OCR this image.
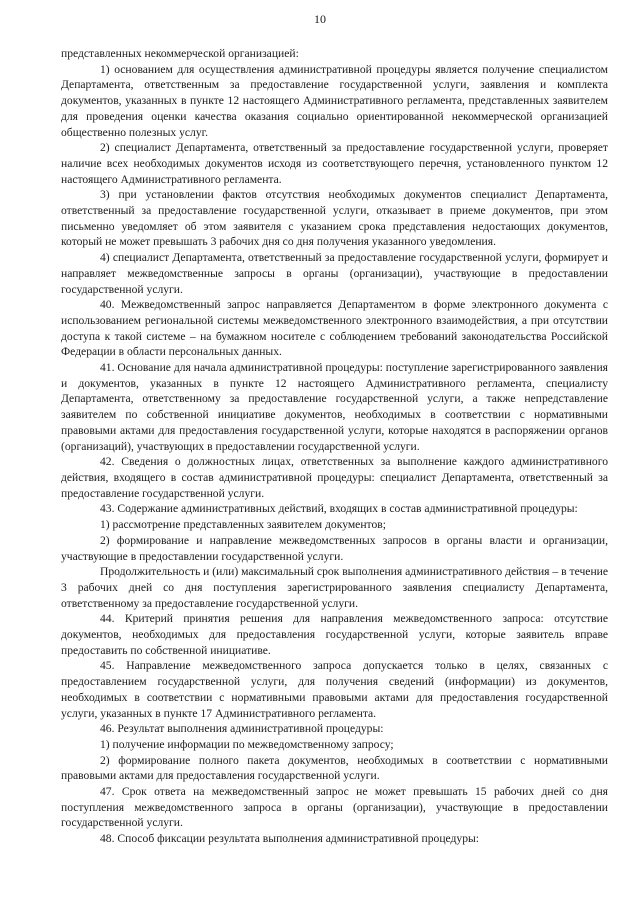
10

представленных некоммерческой организацией:

1) основанием для осуществления административной процедуры является получение специалистом Департамента, ответственным за предоставление государственной услуги, заявления и комплекта документов, указанных в пункте 12 настоящего Административного регламента, представленных заявителем для проведения оценки качества оказания социально ориентированной некоммерческой организацией общественно полезных услуг.

2) специалист Департамента, ответственный за предоставление государственной услуги, проверяет наличие всех необходимых документов исходя из соответствующего перечня, установленного пунктом 12 настоящего Административного регламента.

3) при установлении фактов отсутствия необходимых документов специалист Департамента, ответственный за предоставление государственной услуги, отказывает в приеме документов, при этом письменно уведомляет об этом заявителя с указанием срока представления недостающих документов, который не может превышать 3 рабочих дня со дня получения указанного уведомления.

4) специалист Департамента, ответственный за предоставление государственной услуги, формирует и направляет межведомственные запросы в органы (организации), участвующие в предоставлении государственной услуги.

40. Межведомственный запрос направляется Департаментом в форме электронного документа с использованием региональной системы межведомственного электронного взаимодействия, а при отсутствии доступа к такой системе – на бумажном носителе с соблюдением требований законодательства Российской Федерации в области персональных данных.

41. Основание для начала административной процедуры: поступление зарегистрированного заявления и документов, указанных в пункте 12 настоящего Административного регламента, специалисту Департамента, ответственному за предоставление государственной услуги, а также непредставление заявителем по собственной инициативе документов, необходимых в соответствии с нормативными правовыми актами для предоставления государственной услуги, которые находятся в распоряжении органов (организаций), участвующих в предоставлении государственной услуги.

42. Сведения о должностных лицах, ответственных за выполнение каждого административного действия, входящего в состав административной процедуры: специалист Департамента, ответственный за предоставление государственной услуги.

43. Содержание административных действий, входящих в состав административной процедуры:

1) рассмотрение представленных заявителем документов;

2) формирование и направление межведомственных запросов в органы власти и организации, участвующие в предоставлении государственной услуги.

Продолжительность и (или) максимальный срок выполнения административного действия – в течение 3 рабочих дней со дня поступления зарегистрированного заявления специалисту Департамента, ответственному за предоставление государственной услуги.

44. Критерий принятия решения для направления межведомственного запроса: отсутствие документов, необходимых для предоставления государственной услуги, которые заявитель вправе предоставить по собственной инициативе.

45. Направление межведомственного запроса допускается только в целях, связанных с предоставлением государственной услуги, для получения сведений (информации) из документов, необходимых в соответствии с нормативными правовыми актами для предоставления государственной услуги, указанных в пункте 17 Административного регламента.

46. Результат выполнения административной процедуры:

1) получение информации по межведомственному запросу;

2) формирование полного пакета документов, необходимых в соответствии с нормативными правовыми актами для предоставления государственной услуги.

47. Срок ответа на межведомственный запрос не может превышать 15 рабочих дней со дня поступления межведомственного запроса в органы (организации), участвующие в предоставлении государственной услуги.

48. Способ фиксации результата выполнения административной процедуры:
